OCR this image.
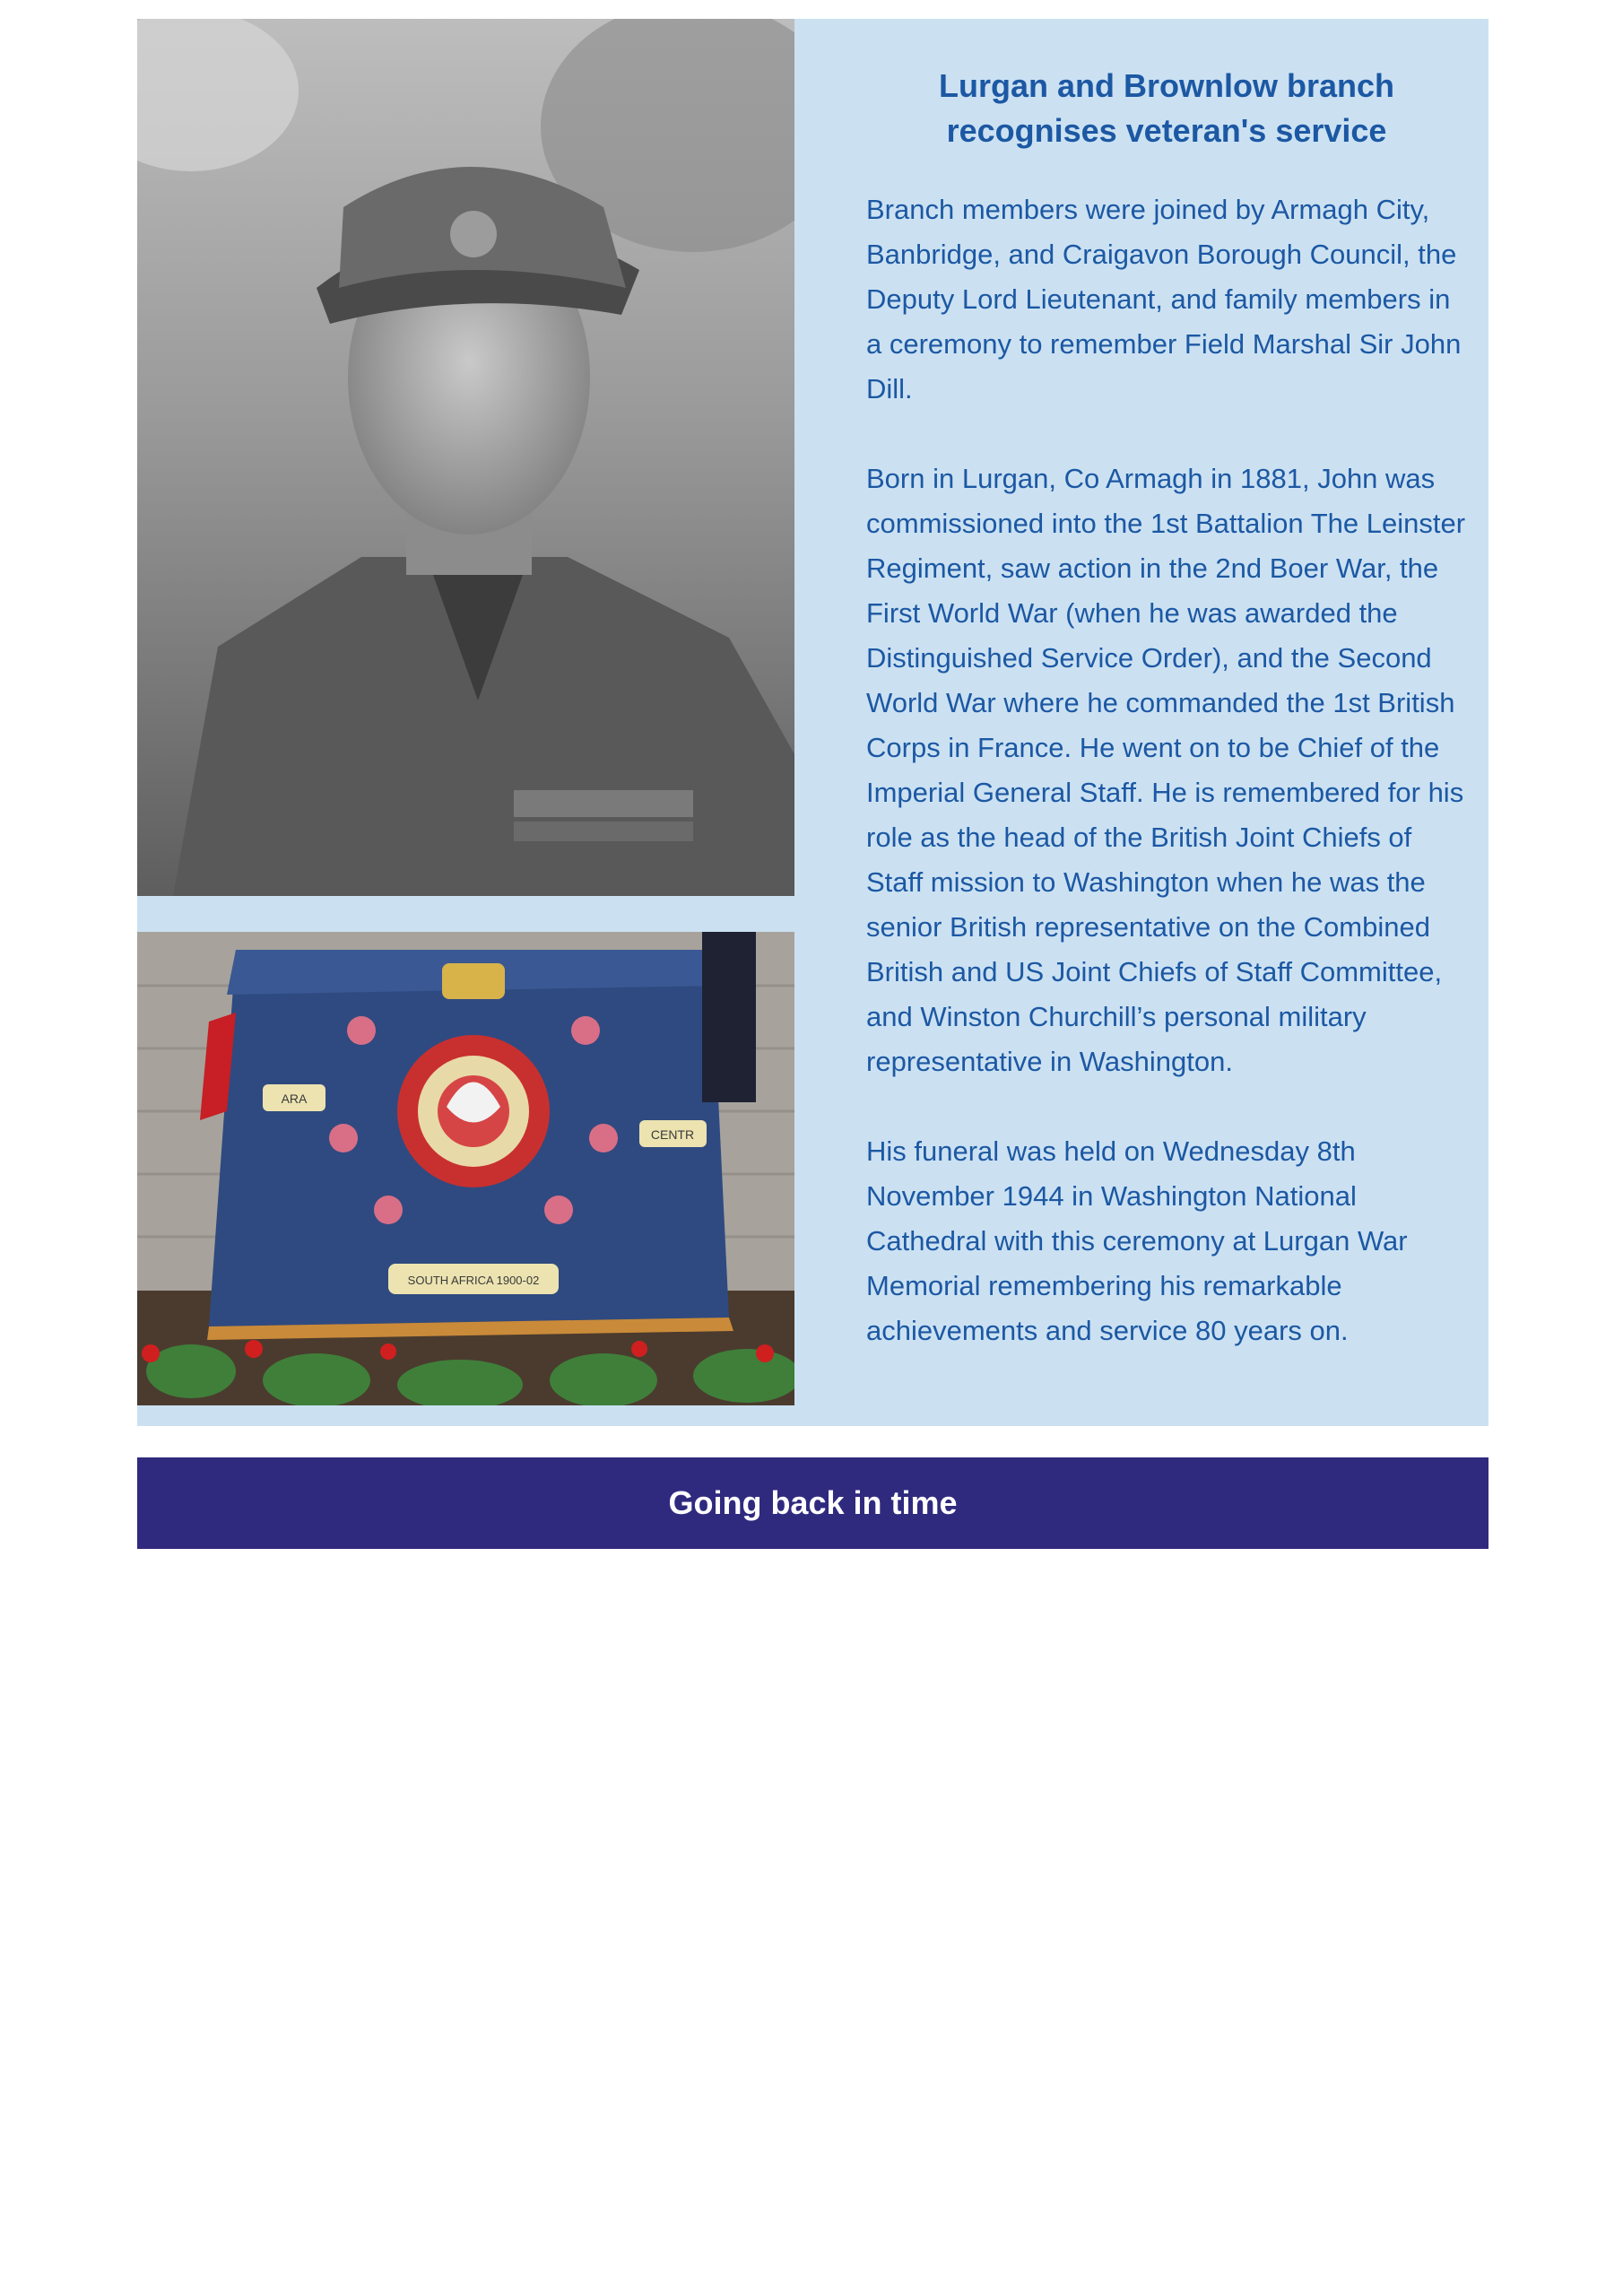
ARA
CENTR
SOUTH AFRICA 1900-02
Lurgan and Brownlow branch recognises veteran's service

Branch members were joined by Armagh City, Banbridge, and Craigavon Borough Council, the Deputy Lord Lieutenant, and family members in a ceremony to remember Field Marshal Sir John Dill.

Born in Lurgan, Co Armagh in 1881, John was commissioned into the 1st Battalion The Leinster Regiment, saw action in the 2nd Boer War, the First World War (when he was awarded the Distinguished Service Order), and the Second World War where he commanded the 1st British Corps in France. He went on to be Chief of the Imperial General Staff. He is remembered for his role as the head of the British Joint Chiefs of Staff mission to Washington when he was the senior British representative on the Combined British and US Joint Chiefs of Staff Committee, and Winston Churchill’s personal military representative in Washington.

His funeral was held on Wednesday 8th November 1944 in Washington National Cathedral with this ceremony at Lurgan War Memorial remembering his remarkable achievements and service 80 years on.

Going back in time
